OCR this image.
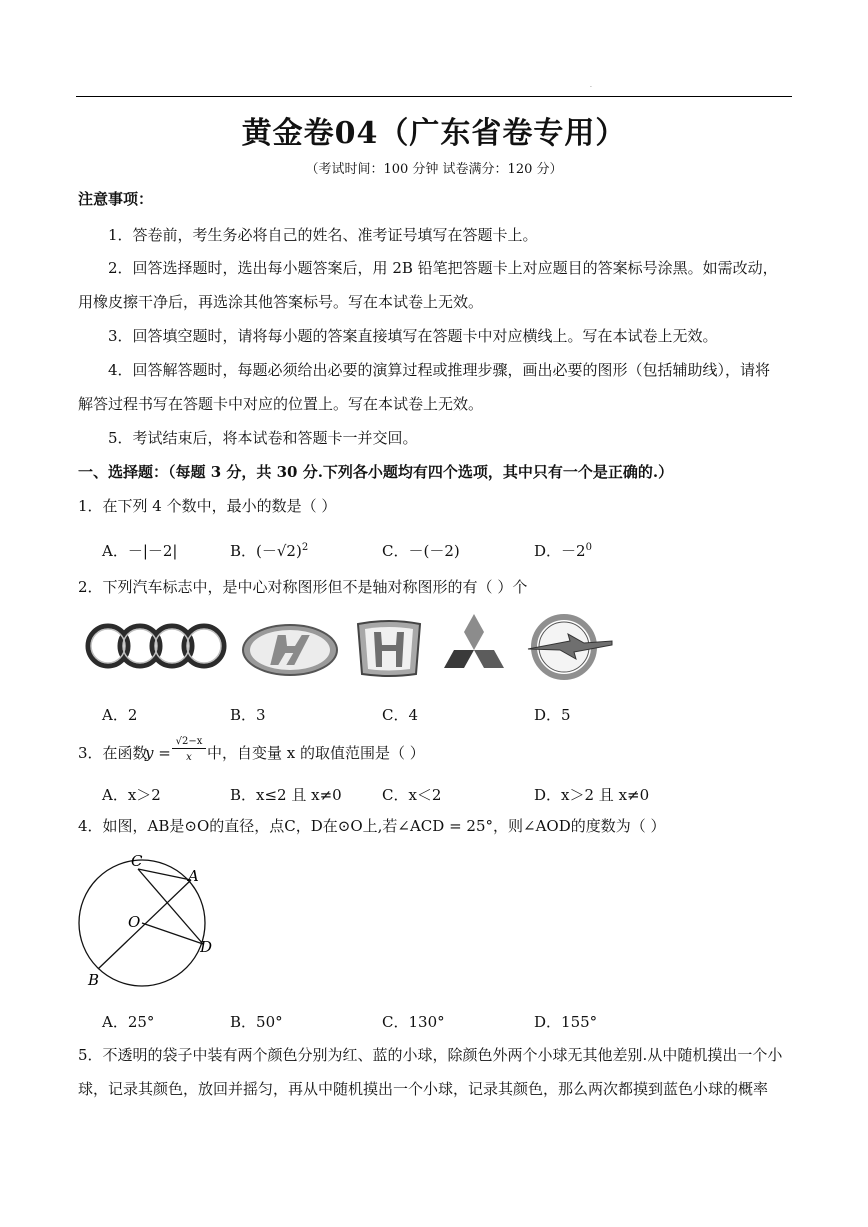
·
黄金卷04（广东省卷专用）
（考试时间：100 分钟 试卷满分：120 分）
注意事项：
1．答卷前，考生务必将自己的姓名、准考证号填写在答题卡上。
2．回答选择题时，选出每小题答案后，用 2B 铅笔把答题卡上对应题目的答案标号涂黑。如需改动，
用橡皮擦干净后，再选涂其他答案标号。写在本试卷上无效。
3．回答填空题时，请将每小题的答案直接填写在答题卡中对应横线上。写在本试卷上无效。
4．回答解答题时，每题必须给出必要的演算过程或推理步骤，画出必要的图形（包括辅助线），请将
解答过程书写在答题卡中对应的位置上。写在本试卷上无效。
5．考试结束后，将本试卷和答题卡一并交回。
一、选择题：（每题 3 分，共 30 分.下列各小题均有四个选项，其中只有一个是正确的.）
1．在下列 4 个数中，最小的数是（ ）
A．－|－2|	B．$(-√2)^2$	C．－(－2)	D．$-2^0$
2．下列汽车标志中，是中心对称图形但不是轴对称图形的有（ ）个
A．2	B．3	C．4	D．5
3．在函数
y =
√2−x
x	中，自变量 x 的取值范围是（ ）
A．x＞2	B．x≤2 且 x≠0	C．x＜2	D．x＞2 且 x≠0
4．如图，AB是⊙O的直径，点C，D在⊙O上,若∠ACD = 25°，则∠AOD的度数为（ ）
C
A
O
D
B
A．25°	B．50°	C．130°	D．155°
5．不透明的袋子中装有两个颜色分别为红、蓝的小球，除颜色外两个小球无其他差别.从中随机摸出一个小
球，记录其颜色，放回并摇匀，再从中随机摸出一个小球，记录其颜色，那么两次都摸到蓝色小球的概率
